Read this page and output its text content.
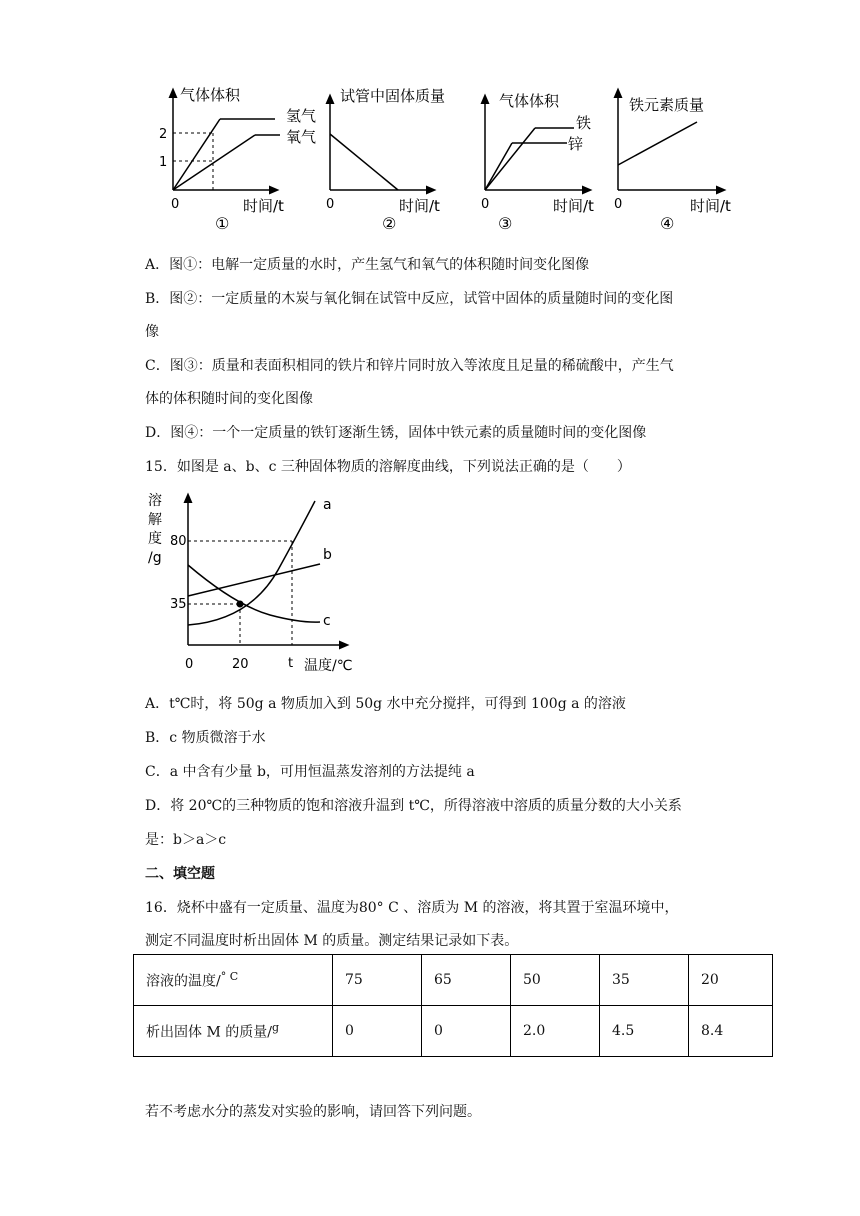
气体体积
氢气
氧气
2
1
0	时间/t
①
试管中固体质量
0	时间/t
②
气体体积
铁
锌
0	时间/t
③
铁元素质量
0	时间/t
④
A．图①：电解一定质量的水时，产生氢气和氧气的体积随时间变化图像
B．图②：一定质量的木炭与氧化铜在试管中反应，试管中固体的质量随时间的变化图
像
C．图③：质量和表面积相同的铁片和锌片同时放入等浓度且足量的稀硫酸中，产生气
体的体积随时间的变化图像
D．图④：一个一定质量的铁钉逐渐生锈，固体中铁元素的质量随时间的变化图像
15．如图是 a、b、c 三种固体物质的溶解度曲线，下列说法正确的是（　　）
溶
解
度
/g
80
35
0	20	t 温度/℃
a
b
c
A．t℃时，将 50g a 物质加入到 50g 水中充分搅拌，可得到 100g a 的溶液
B．c 物质微溶于水
C．a 中含有少量 b，可用恒温蒸发溶剂的方法提纯 a
D．将 20℃的三种物质的饱和溶液升温到 t℃，所得溶液中溶质的质量分数的大小关系
是：b＞a＞c
二、填空题
16．烧杯中盛有一定质量、温度为80° C 、溶质为 M 的溶液，将其置于室温环境中，
测定不同温度时析出固体 M 的质量。测定结果记录如下表。
溶液的温度/$^{^\circ C}$	75	65	50	35	20
析出固体 M 的质量/$^g$	0	0	2.0	4.5	8.4
若不考虑水分的蒸发对实验的影响，请回答下列问题。
